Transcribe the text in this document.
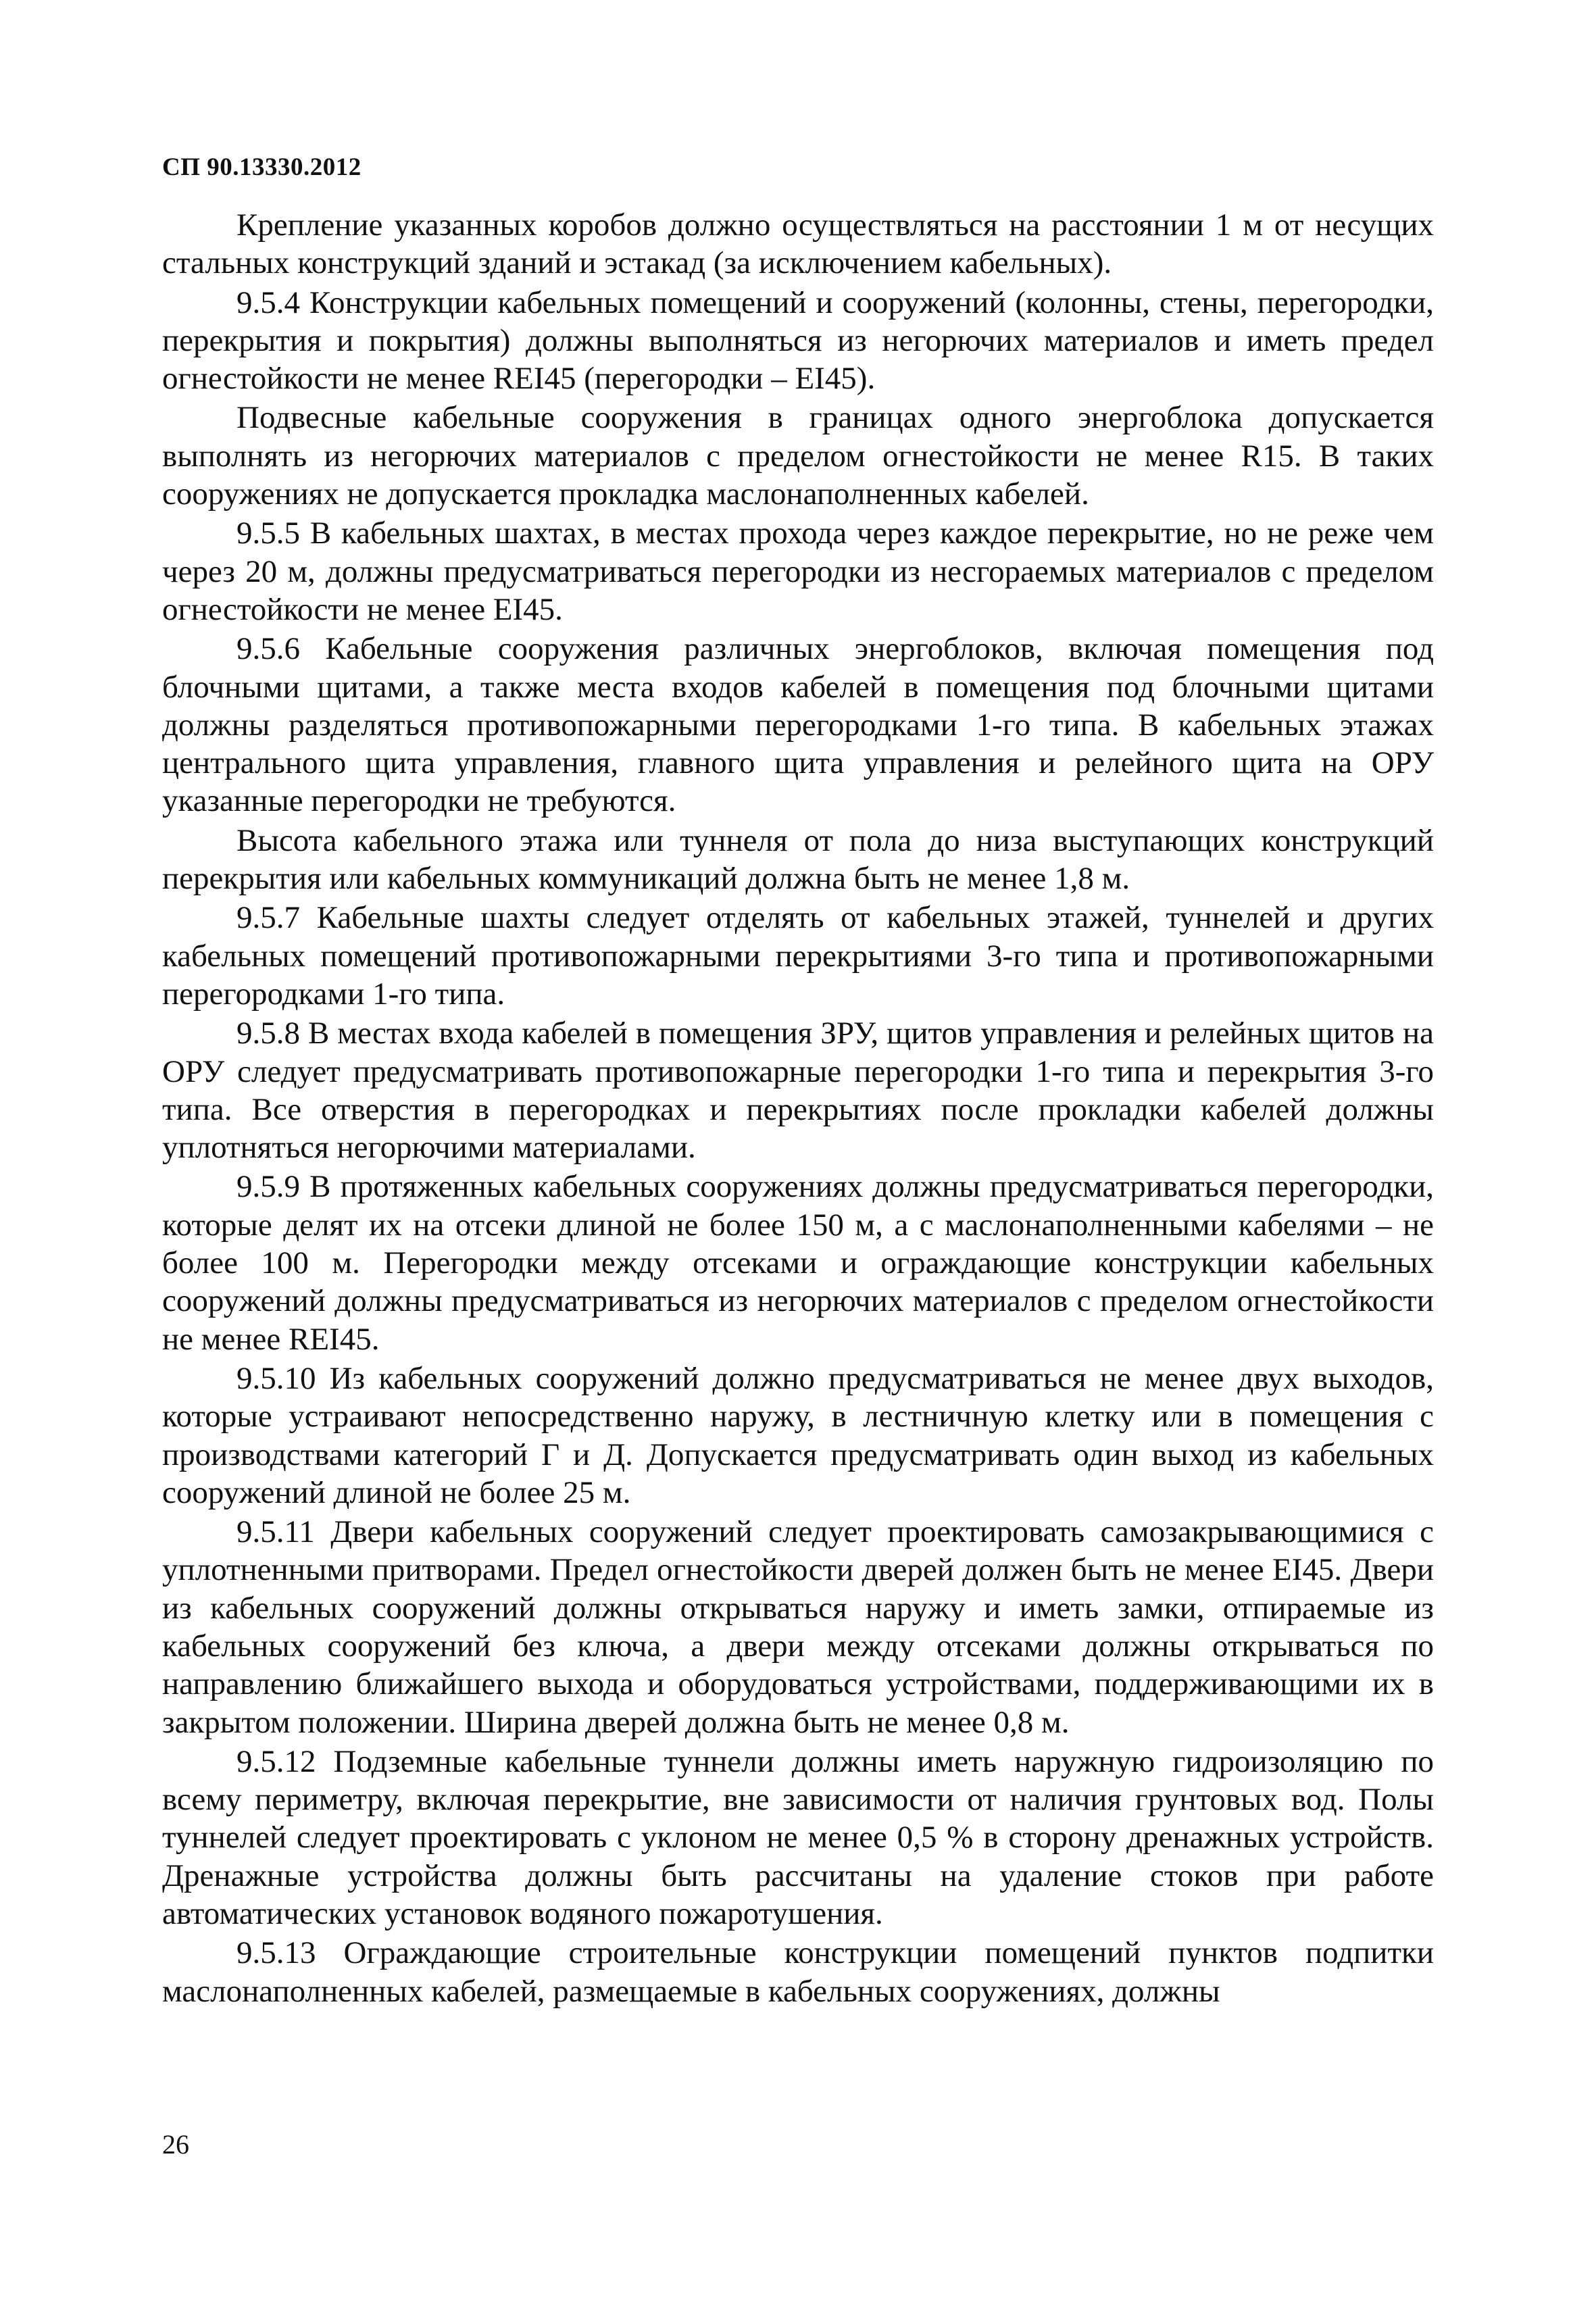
СП 90.13330.2012

Крепление указанных коробов должно осуществляться на расстоянии 1 м от несущих стальных конструкций зданий и эстакад (за исключением кабельных).

9.5.4 Конструкции кабельных помещений и сооружений (колонны, стены, перегородки, перекрытия и покрытия) должны выполняться из негорючих материалов и иметь предел огнестойкости не менее REI45 (перегородки – EI45).

Подвесные кабельные сооружения в границах одного энергоблока допускается выполнять из негорючих материалов с пределом огнестойкости не менее R15. В таких сооружениях не допускается прокладка маслонаполненных кабелей.

9.5.5 В кабельных шахтах, в местах прохода через каждое перекрытие, но не реже чем через 20 м, должны предусматриваться перегородки из несгораемых материалов с пределом огнестойкости не менее EI45.

9.5.6 Кабельные сооружения различных энергоблоков, включая помещения под блочными щитами, а также места входов кабелей в помещения под блочными щитами должны разделяться противопожарными перегородками 1-го типа. В кабельных этажах центрального щита управления, главного щита управления и релейного щита на ОРУ указанные перегородки не требуются.

Высота кабельного этажа или туннеля от пола до низа выступающих конструкций перекрытия или кабельных коммуникаций должна быть не менее 1,8 м.

9.5.7 Кабельные шахты следует отделять от кабельных этажей, туннелей и других кабельных помещений противопожарными перекрытиями 3-го типа и противопожарными перегородками 1-го типа.

9.5.8 В местах входа кабелей в помещения ЗРУ, щитов управления и релейных щитов на ОРУ следует предусматривать противопожарные перегородки 1-го типа и перекрытия 3-го типа. Все отверстия в перегородках и перекрытиях после прокладки кабелей должны уплотняться негорючими материалами.

9.5.9 В протяженных кабельных сооружениях должны предусматриваться перегородки, которые делят их на отсеки длиной не более 150 м, а с маслонаполненными кабелями – не более 100 м. Перегородки между отсеками и ограждающие конструкции кабельных сооружений должны предусматриваться из негорючих материалов с пределом огнестойкости не менее REI45.

9.5.10 Из кабельных сооружений должно предусматриваться не менее двух выходов, которые устраивают непосредственно наружу, в лестничную клетку или в помещения с производствами категорий Г и Д. Допускается предусматривать один выход из кабельных сооружений длиной не более 25 м.

9.5.11 Двери кабельных сооружений следует проектировать самозакрывающимися с уплотненными притворами. Предел огнестойкости дверей должен быть не менее EI45. Двери из кабельных сооружений должны открываться наружу и иметь замки, отпираемые из кабельных сооружений без ключа, а двери между отсеками должны открываться по направлению ближайшего выхода и оборудоваться устройствами, поддерживающими их в закрытом положении. Ширина дверей должна быть не менее 0,8 м.

9.5.12 Подземные кабельные туннели должны иметь наружную гидроизоляцию по всему периметру, включая перекрытие, вне зависимости от наличия грунтовых вод. Полы туннелей следует проектировать с уклоном не менее 0,5 % в сторону дренажных устройств. Дренажные устройства должны быть рассчитаны на удаление стоков при работе автоматических установок водяного пожаротушения.

9.5.13 Ограждающие строительные конструкции помещений пунктов подпитки маслонаполненных кабелей, размещаемые в кабельных сооружениях, должны

26
